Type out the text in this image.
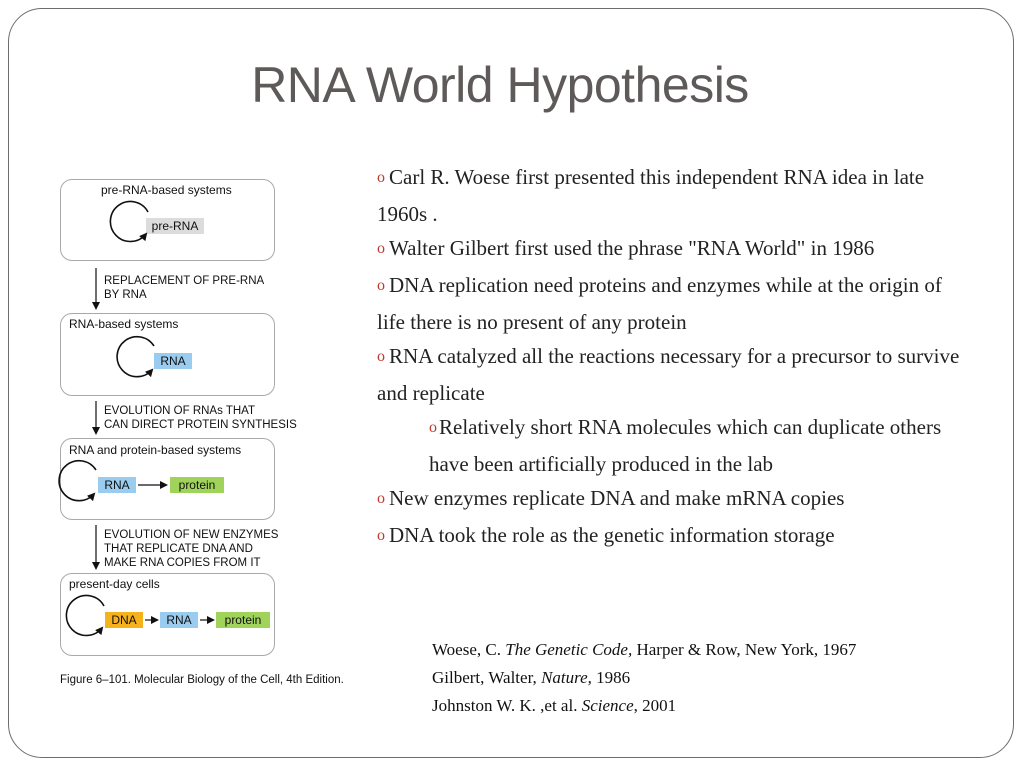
RNA World Hypothesis
pre-RNA-based systems
pre-RNA
RNA-based systems
RNA
RNA and protein-based systems
RNA	protein
present-day cells
DNA	RNA	protein
REPLACEMENT OF PRE-RNA
BY RNA
EVOLUTION OF RNAs THAT
CAN DIRECT PROTEIN SYNTHESIS
EVOLUTION OF NEW ENZYMES
THAT REPLICATE DNA AND
MAKE RNA COPIES FROM IT
Figure 6–101. Molecular Biology of the Cell, 4th Edition.

o Carl R. Woese first presented this independent RNA idea in late 1960s .

o Walter Gilbert first used the phrase "RNA World" in 1986

o DNA replication need proteins and enzymes while at the origin of life there is no present of any protein

o RNA catalyzed all the reactions necessary for a precursor to survive and replicate

oRelatively short RNA molecules which can duplicate others have been artificially produced in the lab

o New enzymes replicate DNA and make mRNA copies

o DNA took the role as the genetic information storage

Woese, C. The Genetic Code, Harper & Row, New York, 1967
Gilbert, Walter, Nature, 1986
Johnston W. K. ,et al. Science, 2001
